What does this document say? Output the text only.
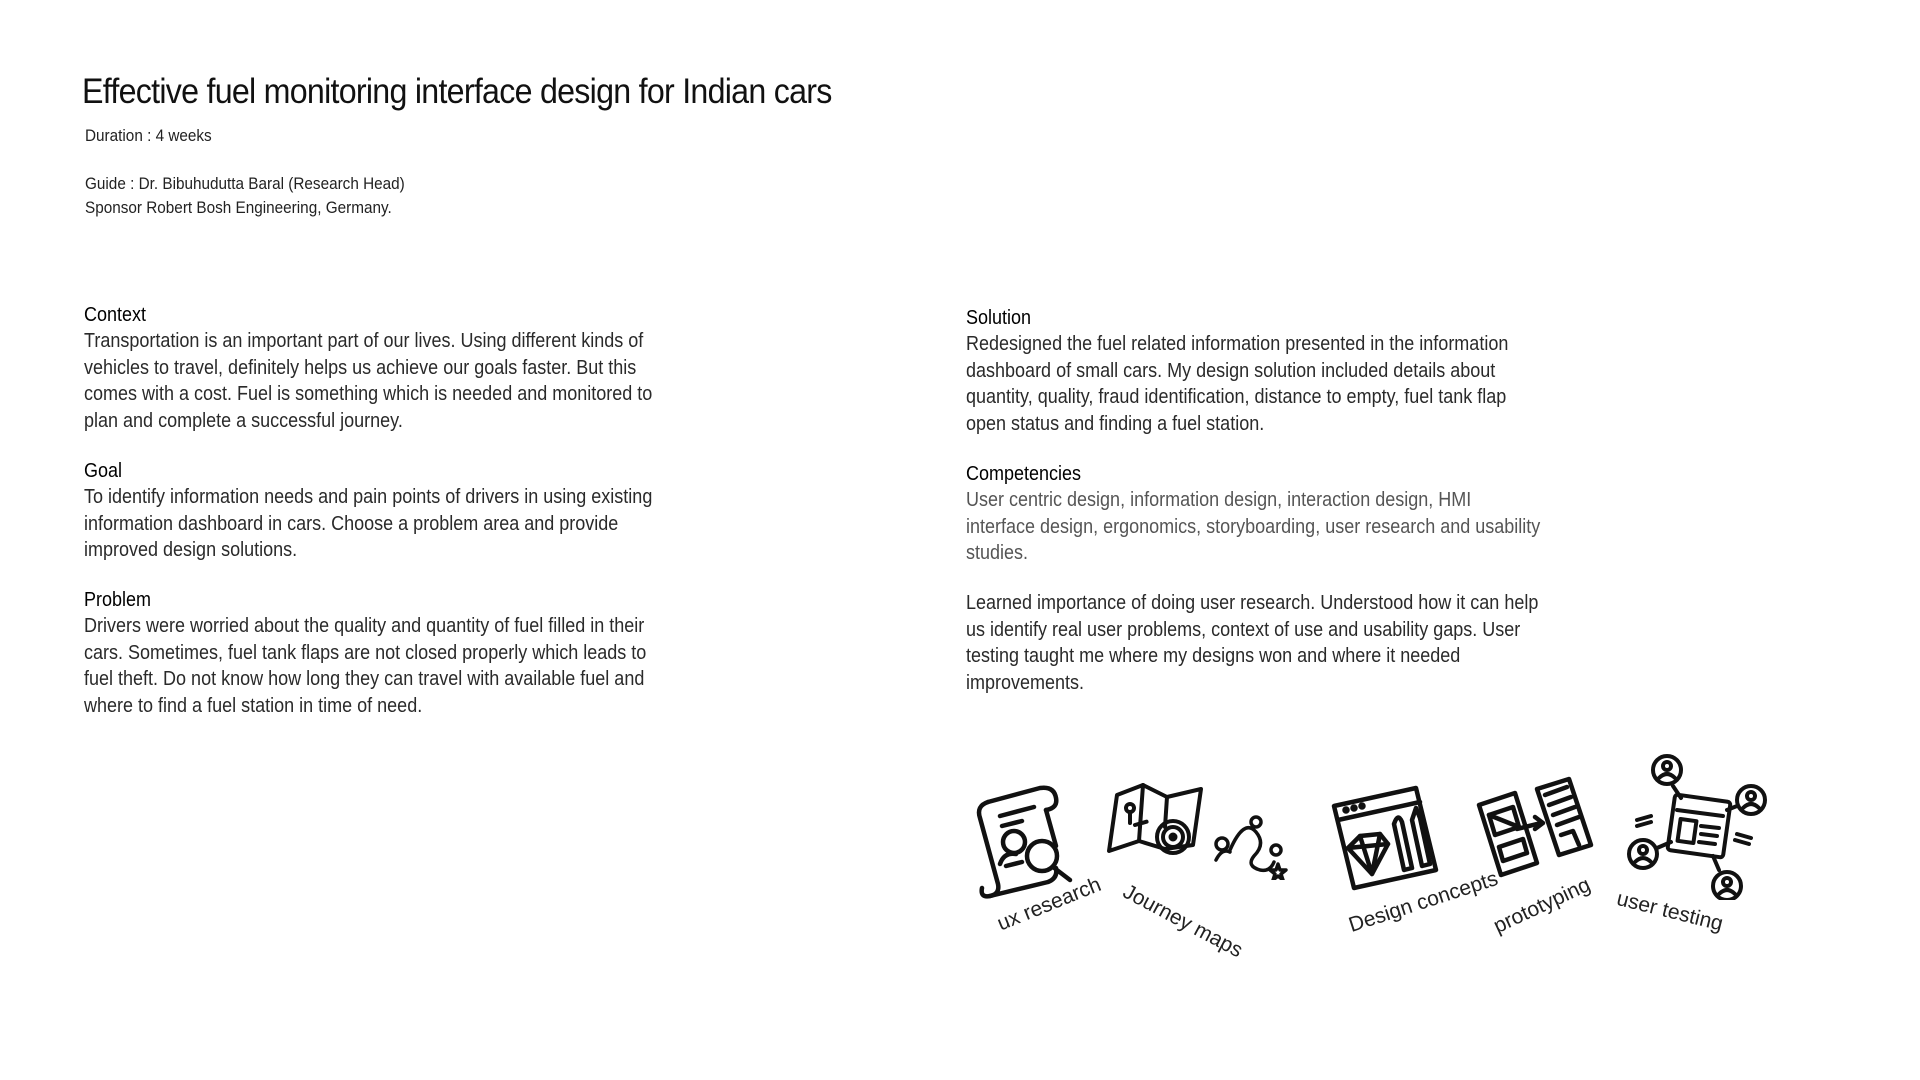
Effective fuel monitoring interface design for Indian cars
Duration : 4 weeks
Guide : Dr. Bibuhudutta Baral (Research Head)
Sponsor Robert Bosh Engineering, Germany.
Context

Transportation is an important part of our lives. Using different kinds of vehicles to travel, definitely helps us achieve our goals faster. But this comes with a cost. Fuel is something which is needed and monitored to plan and complete a successful journey.

Goal

To identify information needs and pain points of drivers in using existing information dashboard in cars. Choose a problem area and provide improved design solutions.

Problem

Drivers were worried about the quality and quantity of fuel filled in their cars. Sometimes, fuel tank flaps are not closed properly which leads to fuel theft. Do not know how long they can travel with available fuel and where to find a fuel station in time of need.

Solution

Redesigned the fuel related information presented in the information dashboard of small cars. My design solution included details about quantity, quality, fraud identification, distance to empty, fuel tank flap open status and finding a fuel station.

Competencies

User centric design, information design, interaction design, HMI interface design, ergonomics, storyboarding, user research and usability studies.

Learned importance of doing user research. Understood how it can help us identify real user problems, context of use and usability gaps. User testing taught me where my designs won and where it needed improvements.

ux research Journey maps	Design concepts
prototyping user testing
